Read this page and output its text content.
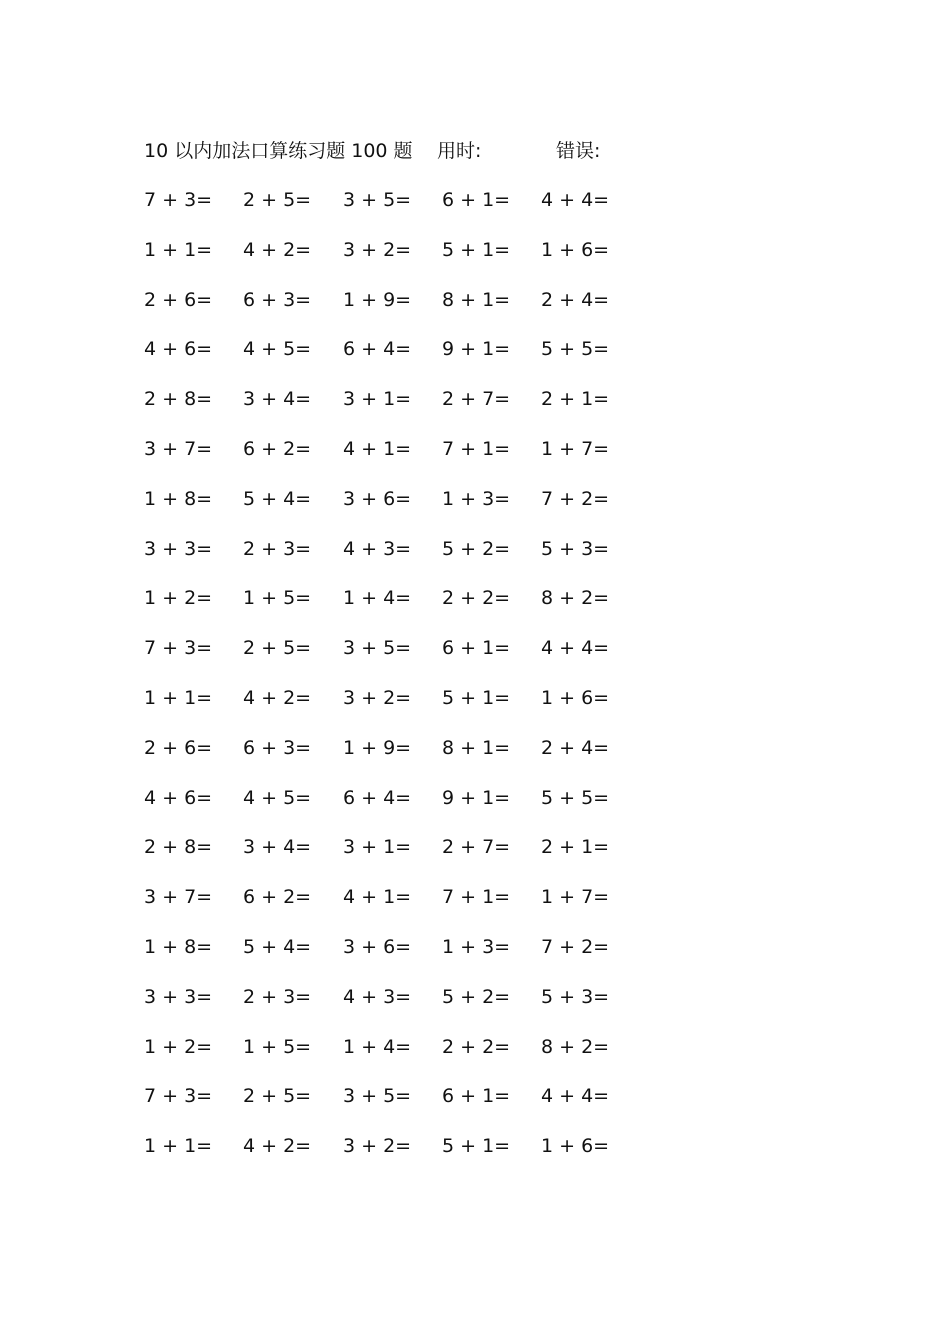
10 以内加法口算练习题 100 题 用时:	错误:
7 + 3= 2 + 5= 3 + 5= 6 + 1= 4 + 4=
1 + 1= 4 + 2= 3 + 2= 5 + 1= 1 + 6=
2 + 6= 6 + 3= 1 + 9= 8 + 1= 2 + 4=
4 + 6= 4 + 5= 6 + 4= 9 + 1= 5 + 5=
2 + 8= 3 + 4= 3 + 1= 2 + 7= 2 + 1=
3 + 7= 6 + 2= 4 + 1= 7 + 1= 1 + 7=
1 + 8= 5 + 4= 3 + 6= 1 + 3= 7 + 2=
3 + 3= 2 + 3= 4 + 3= 5 + 2= 5 + 3=
1 + 2= 1 + 5= 1 + 4= 2 + 2= 8 + 2=
7 + 3= 2 + 5= 3 + 5= 6 + 1= 4 + 4=
1 + 1= 4 + 2= 3 + 2= 5 + 1= 1 + 6=
2 + 6= 6 + 3= 1 + 9= 8 + 1= 2 + 4=
4 + 6= 4 + 5= 6 + 4= 9 + 1= 5 + 5=
2 + 8= 3 + 4= 3 + 1= 2 + 7= 2 + 1=
3 + 7= 6 + 2= 4 + 1= 7 + 1= 1 + 7=
1 + 8= 5 + 4= 3 + 6= 1 + 3= 7 + 2=
3 + 3= 2 + 3= 4 + 3= 5 + 2= 5 + 3=
1 + 2= 1 + 5= 1 + 4= 2 + 2= 8 + 2=
7 + 3= 2 + 5= 3 + 5= 6 + 1= 4 + 4=
1 + 1= 4 + 2= 3 + 2= 5 + 1= 1 + 6=
